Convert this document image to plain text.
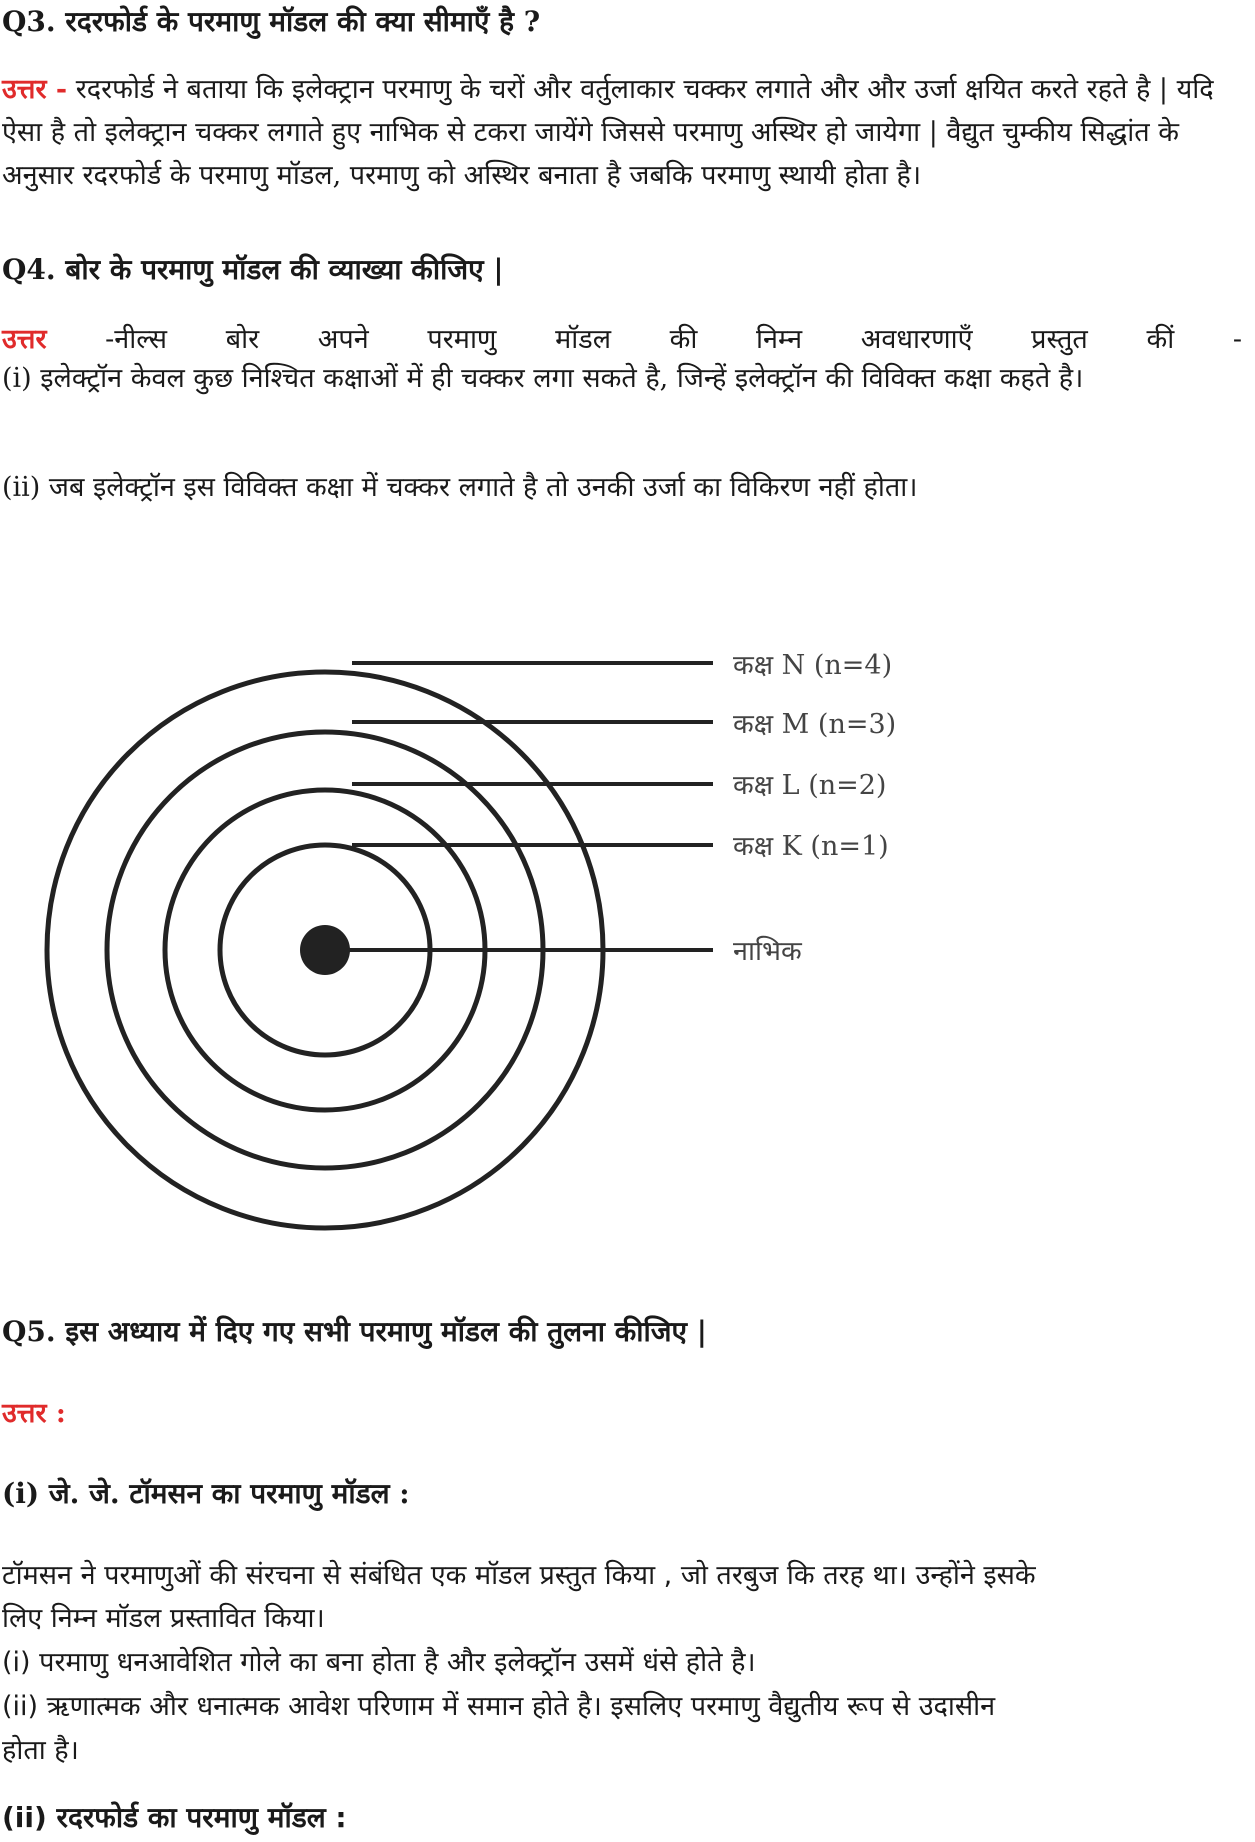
Q3. रदरफोर्ड के परमाणु मॉडल की क्या सीमाएँ है ?

उत्तर - रदरफोर्ड ने बताया कि इलेक्ट्रान परमाणु के चरों और वर्तुलाकार चक्कर लगाते और और उर्जा क्षयित करते रहते है | यदि ऐसा है तो इलेक्ट्रान चक्कर लगाते हुए नाभिक से टकरा जायेंगे जिससे परमाणु अस्थिर हो जायेगा | वैद्युत चुम्कीय सिद्धांत के अनुसार रदरफोर्ड के परमाणु मॉडल, परमाणु को अस्थिर बनाता है जबकि परमाणु स्थायी होता है।

Q4. बोर के परमाणु मॉडल की व्याख्या कीजिए |

उत्तर -नील्स बोर अपने परमाणु मॉडल की निम्न अवधारणाएँ प्रस्तुत कीं -

(i) इलेक्ट्रॉन केवल कुछ निश्चित कक्षाओं में ही चक्कर लगा सकते है, जिन्हें इलेक्ट्रॉन की विविक्त कक्षा कहते है।

(ii) जब इलेक्ट्रॉन इस विविक्त कक्षा में चक्कर लगाते है तो उनकी उर्जा का विकिरण नहीं होता।

कक्ष N (n=4)
कक्ष M (n=3)
कक्ष L (n=2)
कक्ष K (n=1)
नाभिक
Q5. इस अध्याय में दिए गए सभी परमाणु मॉडल की तुलना कीजिए |

उत्तर :

(i) जे. जे. टॉमसन का परमाणु मॉडल :

टॉमसन ने परमाणुओं की संरचना से संबंधित एक मॉडल प्रस्तुत किया , जो तरबुज कि तरह था। उन्होंने इसके

लिए निम्न मॉडल प्रस्तावित किया।

(i) परमाणु धनआवेशित गोले का बना होता है और इलेक्ट्रॉन उसमें धंसे होते है।

(ii) ऋणात्मक और धनात्मक आवेश परिणाम में समान होते है। इसलिए परमाणु वैद्युतीय रूप से उदासीन

होता है।

(ii) रदरफोर्ड का परमाणु मॉडल :
